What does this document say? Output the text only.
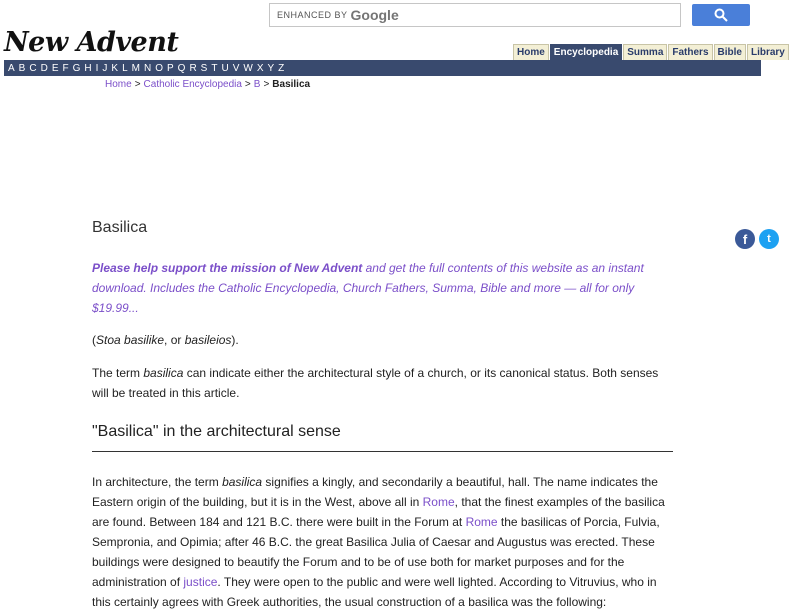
ENHANCED BY Google
New Advent	Home Encyclopedia Summa Fathers Bible Library
A B C D E F G H I J K L M N O P Q R S T U V W X Y Z
Home > Catholic Encyclopedia > B > Basilica
f	t
Basilica
Please help support the mission of New Advent and get the full contents of this website as an instant download. Includes the Catholic Encyclopedia, Church Fathers, Summa, Bible and more — all for only $19.99...

(Stoa basilike, or basileios).

The term basilica can indicate either the architectural style of a church, or its canonical status. Both senses will be treated in this article.

"Basilica" in the architectural sense

In architecture, the term basilica signifies a kingly, and secondarily a beautiful, hall. The name indicates the Eastern origin of the building, but it is in the West, above all in Rome, that the finest examples of the basilica are found. Between 184 and 121 B.C. there were built in the Forum at Rome the basilicas of Porcia, Fulvia, Sempronia, and Opimia; after 46 B.C. the great Basilica Julia of Caesar and Augustus was erected. These buildings were designed to beautify the Forum and to be of use both for market purposes and for the administration of justice. They were open to the public and were well lighted. According to Vitruvius, who in this certainly agrees with Greek authorities, the usual construction of a basilica was the following:
